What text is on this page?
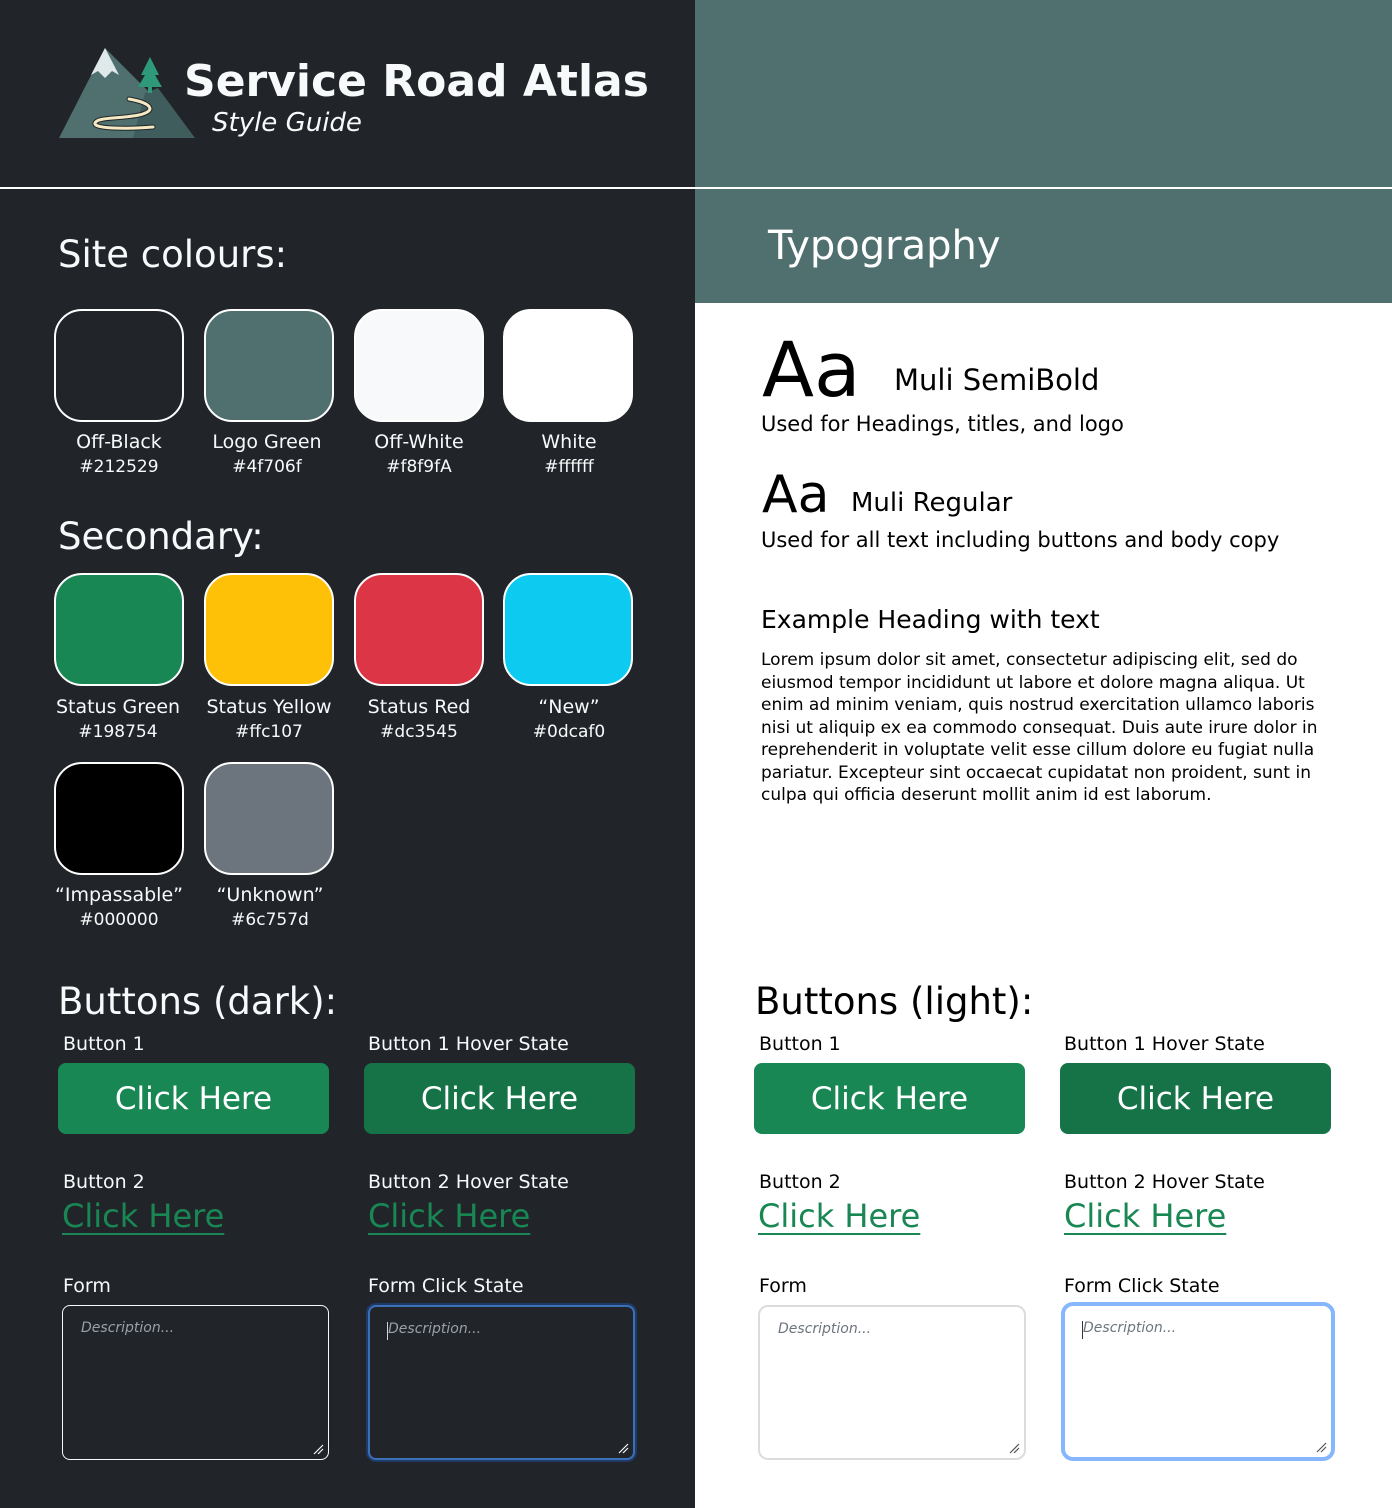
Service Road Atlas
Style Guide
Site colours:
Off-Black
#212529
Logo Green
#4f706f
Off-White
#f8f9fA
White
#ffffff
Secondary:
Status Green
#198754
Status Yellow
#ffc107
Status Red
#dc3545
“New”
#0dcaf0
“Impassable”
#000000
“Unknown”
#6c757d
Buttons (dark):
Button 1	Button 1 Hover State
Click Here	Click Here
Button 2	Button 2 Hover State
Click Here	Click Here
Form	Form Click State
Description...	Description...
Typography
Aa Muli SemiBold
Used for Headings, titles, and logo
Aa Muli Regular
Used for all text including buttons and body copy
Example Heading with text
Lorem ipsum dolor sit amet, consectetur adipiscing elit, sed do eiusmod tempor incididunt ut labore et dolore magna aliqua. Ut enim ad minim veniam, quis nostrud exercitation ullamco laboris nisi ut aliquip ex ea commodo consequat. Duis aute irure dolor in reprehenderit in voluptate velit esse cillum dolore eu fugiat nulla pariatur. Excepteur sint occaecat cupidatat non proident, sunt in culpa qui officia deserunt mollit anim id est laborum.
Buttons (light):
Button 1	Button 1 Hover State
Click Here	Click Here
Button 2	Button 2 Hover State
Click Here	Click Here
Form	Form Click State
Description...	Description...
